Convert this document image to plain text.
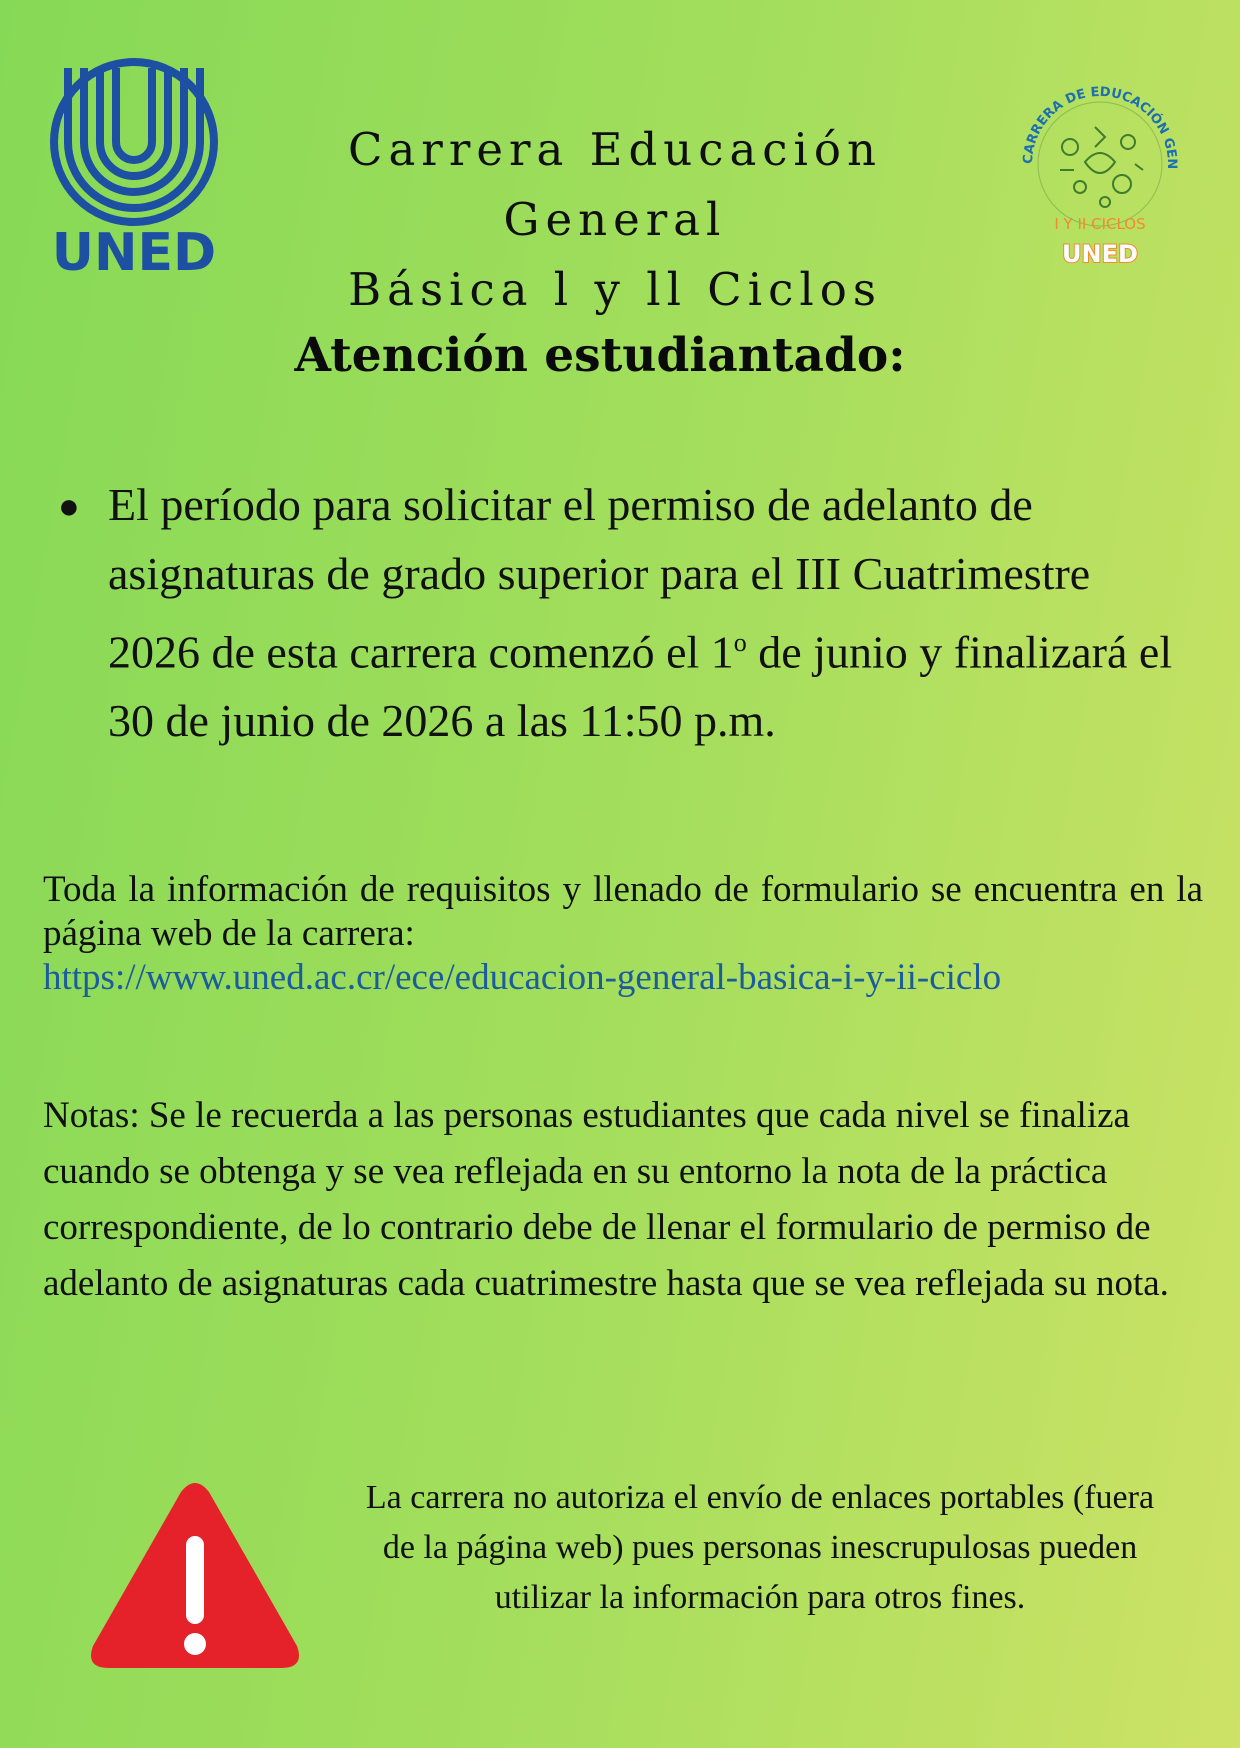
UNED
Carrera Educación General
Básica l y ll Ciclos
CARRERA DE EDUCACIÓN GEN
I Y II CICLOS
UNED
Atención estudiantado:
● El período para solicitar el permiso de adelanto de asignaturas de grado superior para el III Cuatrimestre 2026 de esta carrera comenzó el 1$^o$ de junio y finalizará el 30 de junio de 2026 a las 11:50 p.m.
Toda la información de requisitos y llenado de formulario se encuentra en la página web de la carrera:
https://www.uned.ac.cr/ece/educacion-general-basica-i-y-ii-ciclo
Notas: Se le recuerda a las personas estudiantes que cada nivel se finaliza cuando se obtenga y se vea reflejada en su entorno la nota de la práctica correspondiente, de lo contrario debe de llenar el formulario de permiso de adelanto de asignaturas cada cuatrimestre hasta que se vea reflejada su nota.
La carrera no autoriza el envío de enlaces portables (fuera de la página web) pues personas inescrupulosas pueden utilizar la información para otros fines.
